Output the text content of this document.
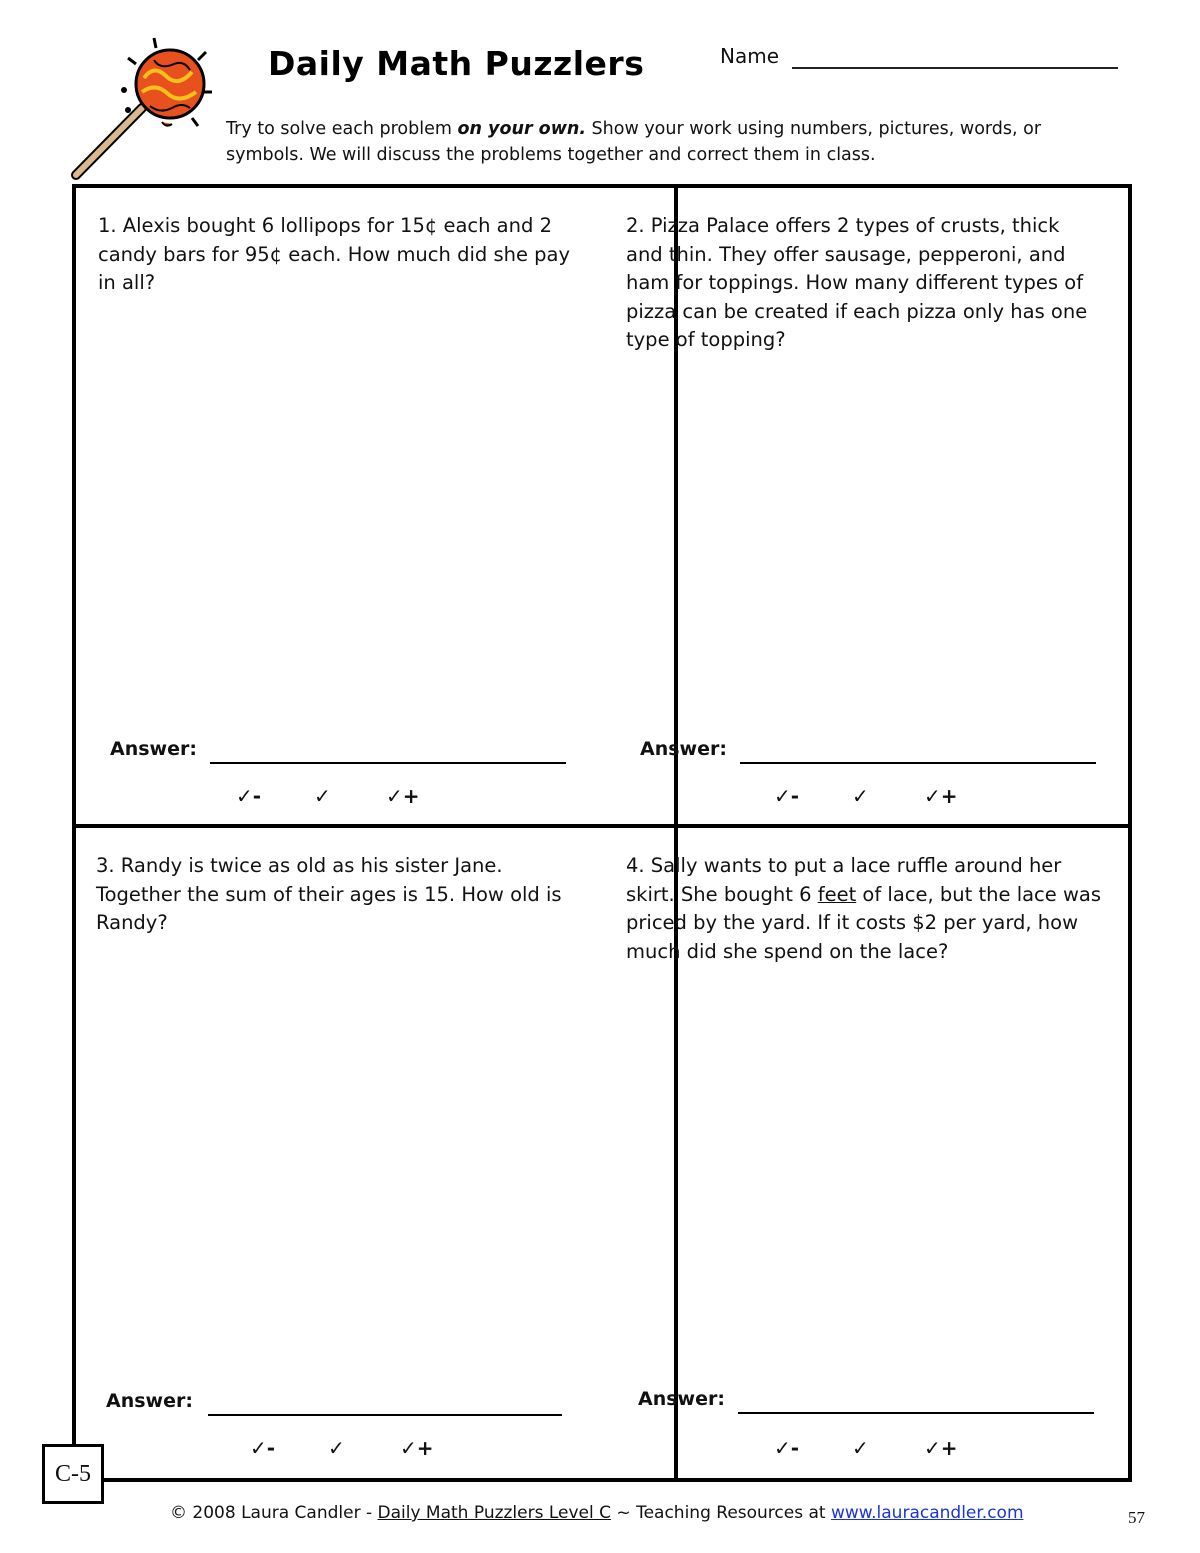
Daily Math Puzzlers	Name
Try to solve each problem on your own. Show your work using numbers, pictures, words, or symbols. We will discuss the problems together and correct them in class.
1. Alexis bought 6 lollipops for 15¢ each and 2 candy bars for 95¢ each. How much did she pay in all?
Answer:
✓-	✓	✓+
2. Pizza Palace offers 2 types of crusts, thick and thin. They offer sausage, pepperoni, and ham for toppings. How many different types of pizza can be created if each pizza only has one type of topping?
Answer:
✓-	✓	✓+
3. Randy is twice as old as his sister Jane. Together the sum of their ages is 15. How old is Randy?
Answer:
✓-	✓	✓+
4. Sally wants to put a lace ruffle around her skirt. She bought 6 feet of lace, but the lace was priced by the yard. If it costs $2 per yard, how much did she spend on the lace?
Answer:
✓-	✓	✓+
C-5
© 2008 Laura Candler - Daily Math Puzzlers Level C ~ Teaching Resources at www.lauracandler.com	57
